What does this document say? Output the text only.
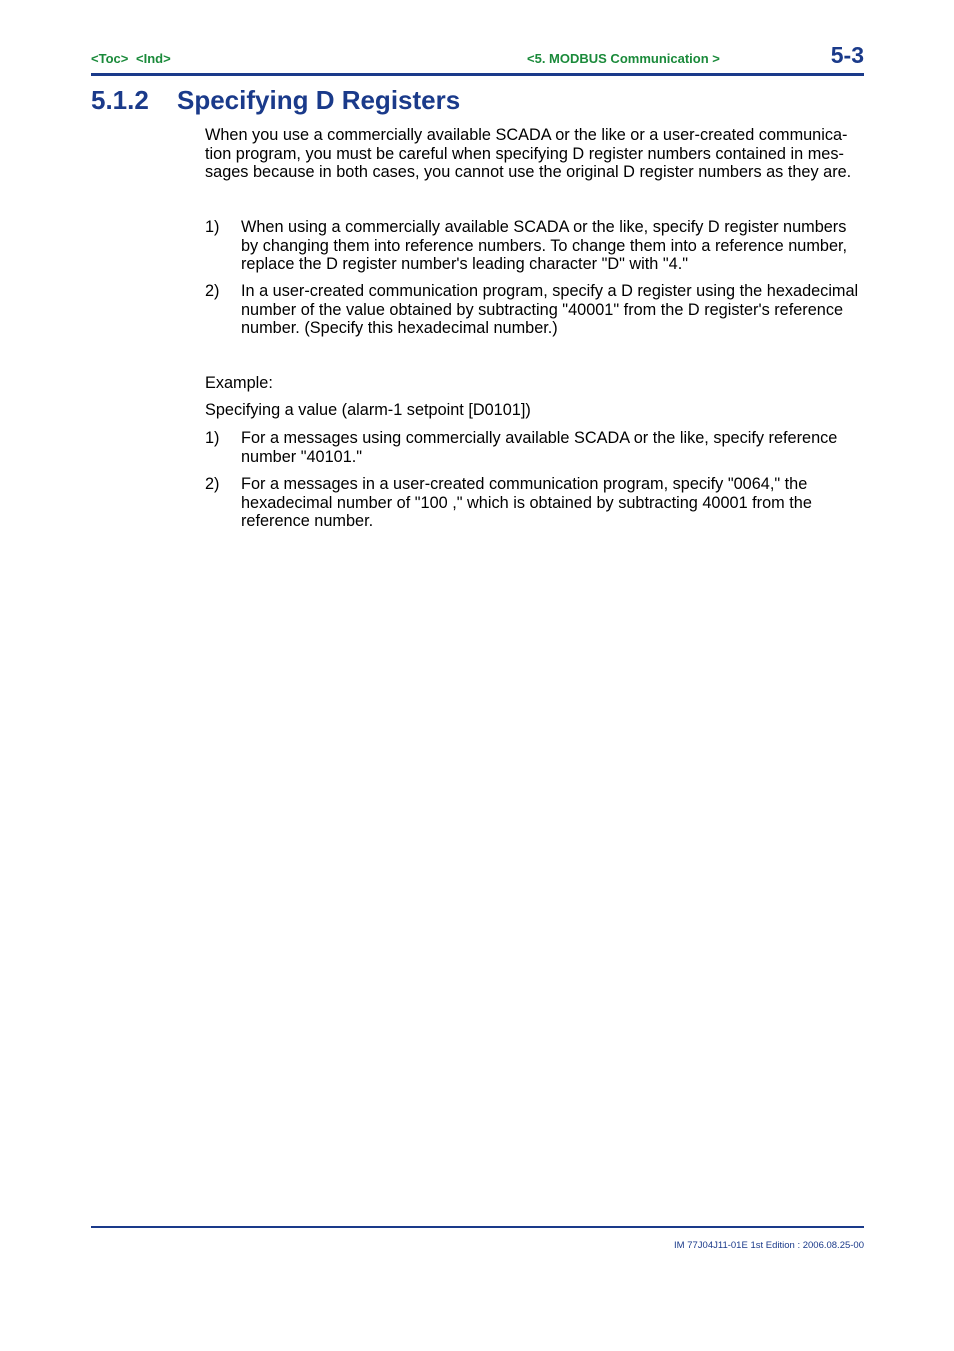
<Toc> <Ind>	<5. MODBUS Communication >	5-3
5.1.2 Specifying D Registers

When you use a commercially available SCADA or the like or a user-created communica-
tion program, you must be careful when specifying D register numbers contained in mes-
sages because in both cases, you cannot use the original D register numbers as they are.

1) When using a commercially available SCADA or the like, specify D register numbers
by changing them into reference numbers. To change them into a reference number,
replace the D register number's leading character "D" with "4."
2) In a user-created communication program, specify a D register using the hexadecimal
number of the value obtained by subtracting "40001" from the D register's reference
number. (Specify this hexadecimal number.)

Example:

Specifying a value (alarm-1 setpoint [D0101])

1) For a messages using commercially available SCADA or the like, specify reference
number "40101."
2) For a messages in a user-created communication program, specify "0064," the
hexadecimal number of "100 ," which is obtained by subtracting 40001 from the
reference number.
IM 77J04J11-01E 1st Edition : 2006.08.25-00
